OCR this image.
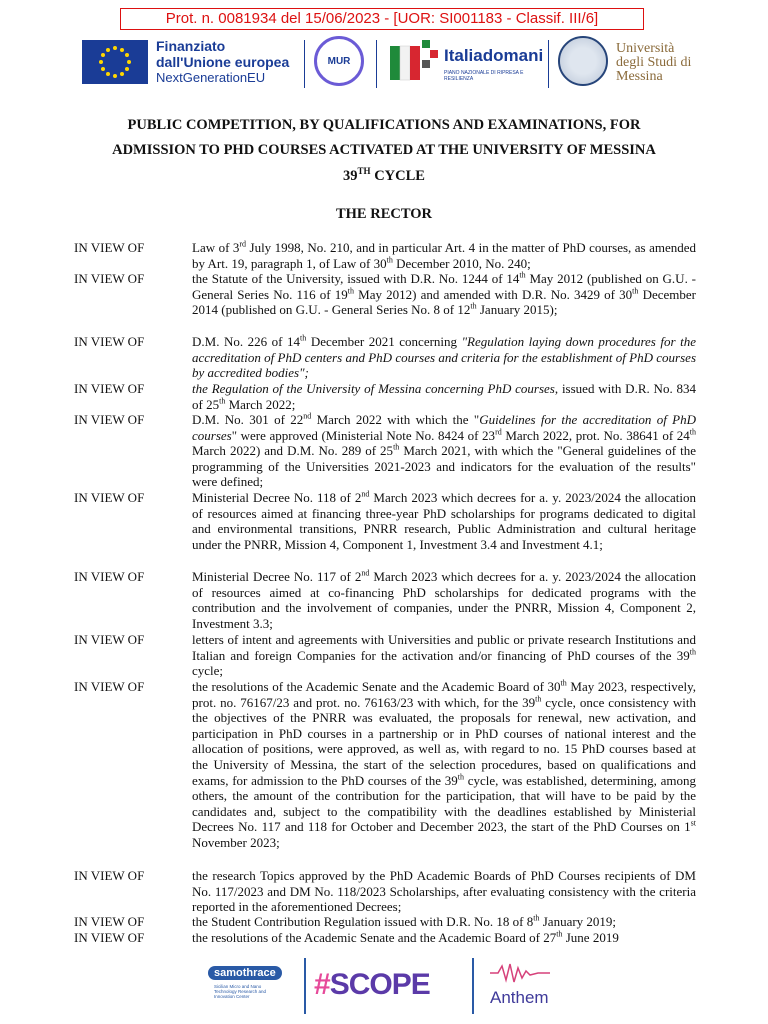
Prot. n. 0081934 del 15/06/2023 - [UOR: SI001183 - Classif. III/6]
Finanziato
dall'Unione europea
NextGenerationEU
MUR	Italiadomani
PIANO NAZIONALE DI RIPRESA E RESILIENZA
Università
degli Studi di
Messina
PUBLIC COMPETITION, BY QUALIFICATIONS AND EXAMINATIONS, FOR
ADMISSION TO PHD COURSES ACTIVATED AT THE UNIVERSITY OF MESSINA
39TH CYCLE
THE RECTOR
IN VIEW OF	Law of 3rd July 1998, No. 210, and in particular Art. 4 in the matter of PhD courses, as amended by Art. 19, paragraph 1, of Law of 30th December 2010, No. 240;
IN VIEW OF	the Statute of the University, issued with D.R. No. 1244 of 14th May 2012 (published on G.U. - General Series No. 116 of 19th May 2012) and amended with D.R. No. 3429 of 30th December 2014 (published on G.U. - General Series No. 8 of 12th January 2015);
IN VIEW OF	D.M. No. 226 of 14th December 2021 concerning "Regulation laying down procedures for the accreditation of PhD centers and PhD courses and criteria for the establishment of PhD courses by accredited bodies";
IN VIEW OF	the Regulation of the University of Messina concerning PhD courses, issued with D.R. No. 834 of 25th March 2022;
IN VIEW OF	D.M. No. 301 of 22nd March 2022 with which the "Guidelines for the accreditation of PhD courses" were approved (Ministerial Note No. 8424 of 23rd March 2022, prot. No. 38641 of 24th March 2022) and D.M. No. 289 of 25th March 2021, with which the "General guidelines of the programming of the Universities 2021-2023 and indicators for the evaluation of the results" were defined;
IN VIEW OF	Ministerial Decree No. 118 of 2nd March 2023 which decrees for a. y. 2023/2024 the allocation of resources aimed at financing three-year PhD scholarships for programs dedicated to digital and environmental transitions, PNRR research, Public Administration and cultural heritage under the PNRR, Mission 4, Component 1, Investment 3.4 and Investment 4.1;
IN VIEW OF	Ministerial Decree No. 117 of 2nd March 2023 which decrees for a. y. 2023/2024 the allocation of resources aimed at co-financing PhD scholarships for dedicated programs with the contribution and the involvement of companies, under the PNRR, Mission 4, Component 2, Investment 3.3;
IN VIEW OF	letters of intent and agreements with Universities and public or private research Institutions and Italian and foreign Companies for the activation and/or financing of PhD courses of the 39th cycle;
IN VIEW OF	the resolutions of the Academic Senate and the Academic Board of 30th May 2023, respectively, prot. no. 76167/23 and prot. no. 76163/23 with which, for the 39th cycle, once consistency with the objectives of the PNRR was evaluated, the proposals for renewal, new activation, and participation in PhD courses in a partnership or in PhD courses of national interest and the allocation of positions, were approved, as well as, with regard to no. 15 PhD courses based at the University of Messina, the start of the selection procedures, based on qualifications and exams, for admission to the PhD courses of the 39th cycle, was established, determining, among others, the amount of the contribution for the participation, that will have to be paid by the candidates and, subject to the compatibility with the deadlines established by Ministerial Decrees No. 117 and 118 for October and December 2023, the start of the PhD Courses on 1st November 2023;
IN VIEW OF	the research Topics approved by the PhD Academic Boards of PhD Courses recipients of DM No. 117/2023 and DM No. 118/2023 Scholarships, after evaluating consistency with the criteria reported in the aforementioned Decrees;
IN VIEW OF	the Student Contribution Regulation issued with D.R. No. 18 of 8th January 2019;
IN VIEW OF	the resolutions of the Academic Senate and the Academic Board of 27th June 2019
samothrace
Sicilian Micro and Nano Technology Research and Innovation Center	#SCOPE	Anthem
